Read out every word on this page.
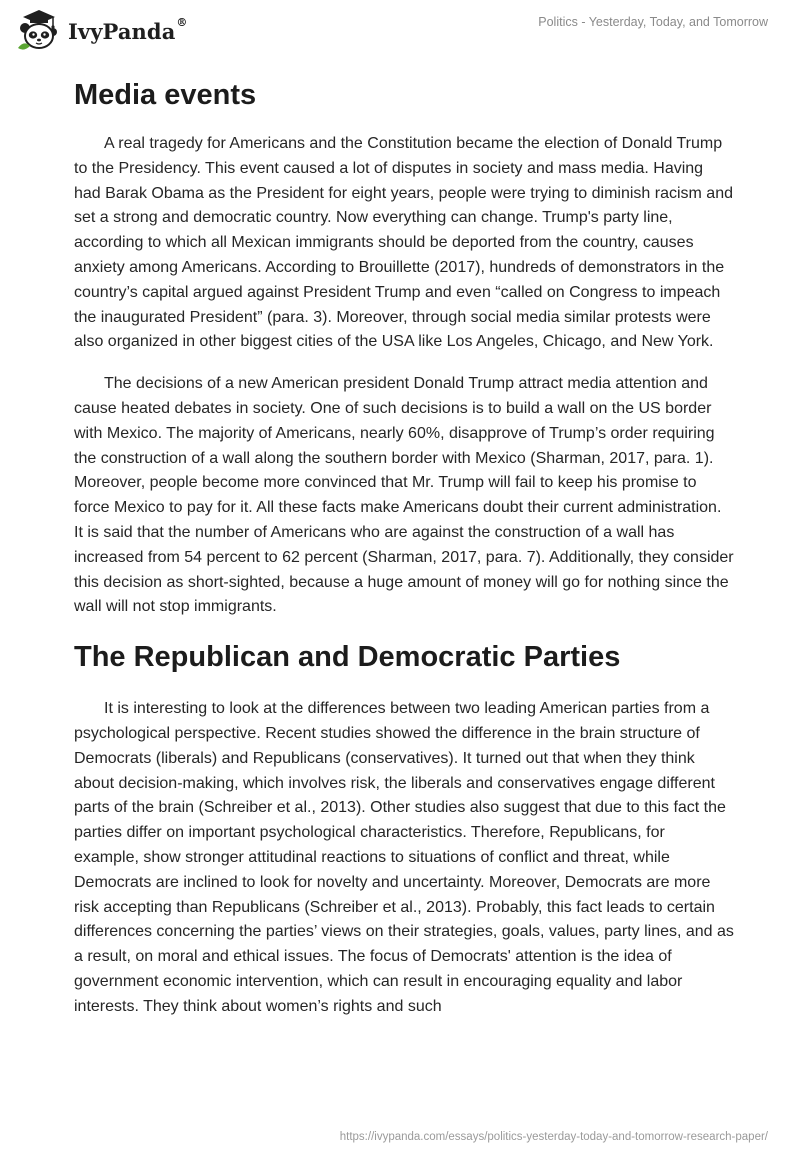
IvyPanda®	Politics - Yesterday, Today, and Tomorrow
Media events

A real tragedy for Americans and the Constitution became the election of Donald Trump to the Presidency. This event caused a lot of disputes in society and mass media. Having had Barak Obama as the President for eight years, people were trying to diminish racism and set a strong and democratic country. Now everything can change. Trump's party line, according to which all Mexican immigrants should be deported from the country, causes anxiety among Americans. According to Brouillette (2017), hundreds of demonstrators in the country’s capital argued against President Trump and even “called on Congress to impeach the inaugurated President” (para. 3). Moreover, through social media similar protests were also organized in other biggest cities of the USA like Los Angeles, Chicago, and New York.

The decisions of a new American president Donald Trump attract media attention and cause heated debates in society. One of such decisions is to build a wall on the US border with Mexico. The majority of Americans, nearly 60%, disapprove of Trump’s order requiring the construction of a wall along the southern border with Mexico (Sharman, 2017, para. 1). Moreover, people become more convinced that Mr. Trump will fail to keep his promise to force Mexico to pay for it. All these facts make Americans doubt their current administration. It is said that the number of Americans who are against the construction of a wall has increased from 54 percent to 62 percent (Sharman, 2017, para. 7). Additionally, they consider this decision as short-sighted, because a huge amount of money will go for nothing since the wall will not stop immigrants.

The Republican and Democratic Parties

It is interesting to look at the differences between two leading American parties from a psychological perspective. Recent studies showed the difference in the brain structure of Democrats (liberals) and Republicans (conservatives). It turned out that when they think about decision-making, which involves risk, the liberals and conservatives engage different parts of the brain (Schreiber et al., 2013). Other studies also suggest that due to this fact the parties differ on important psychological characteristics. Therefore, Republicans, for example, show stronger attitudinal reactions to situations of conflict and threat, while Democrats are inclined to look for novelty and uncertainty. Moreover, Democrats are more risk accepting than Republicans (Schreiber et al., 2013). Probably, this fact leads to certain differences concerning the parties’ views on their strategies, goals, values, party lines, and as a result, on moral and ethical issues. The focus of Democrats' attention is the idea of government economic intervention, which can result in encouraging equality and labor interests. They think about women’s rights and such

https://ivypanda.com/essays/politics-yesterday-today-and-tomorrow-research-paper/
